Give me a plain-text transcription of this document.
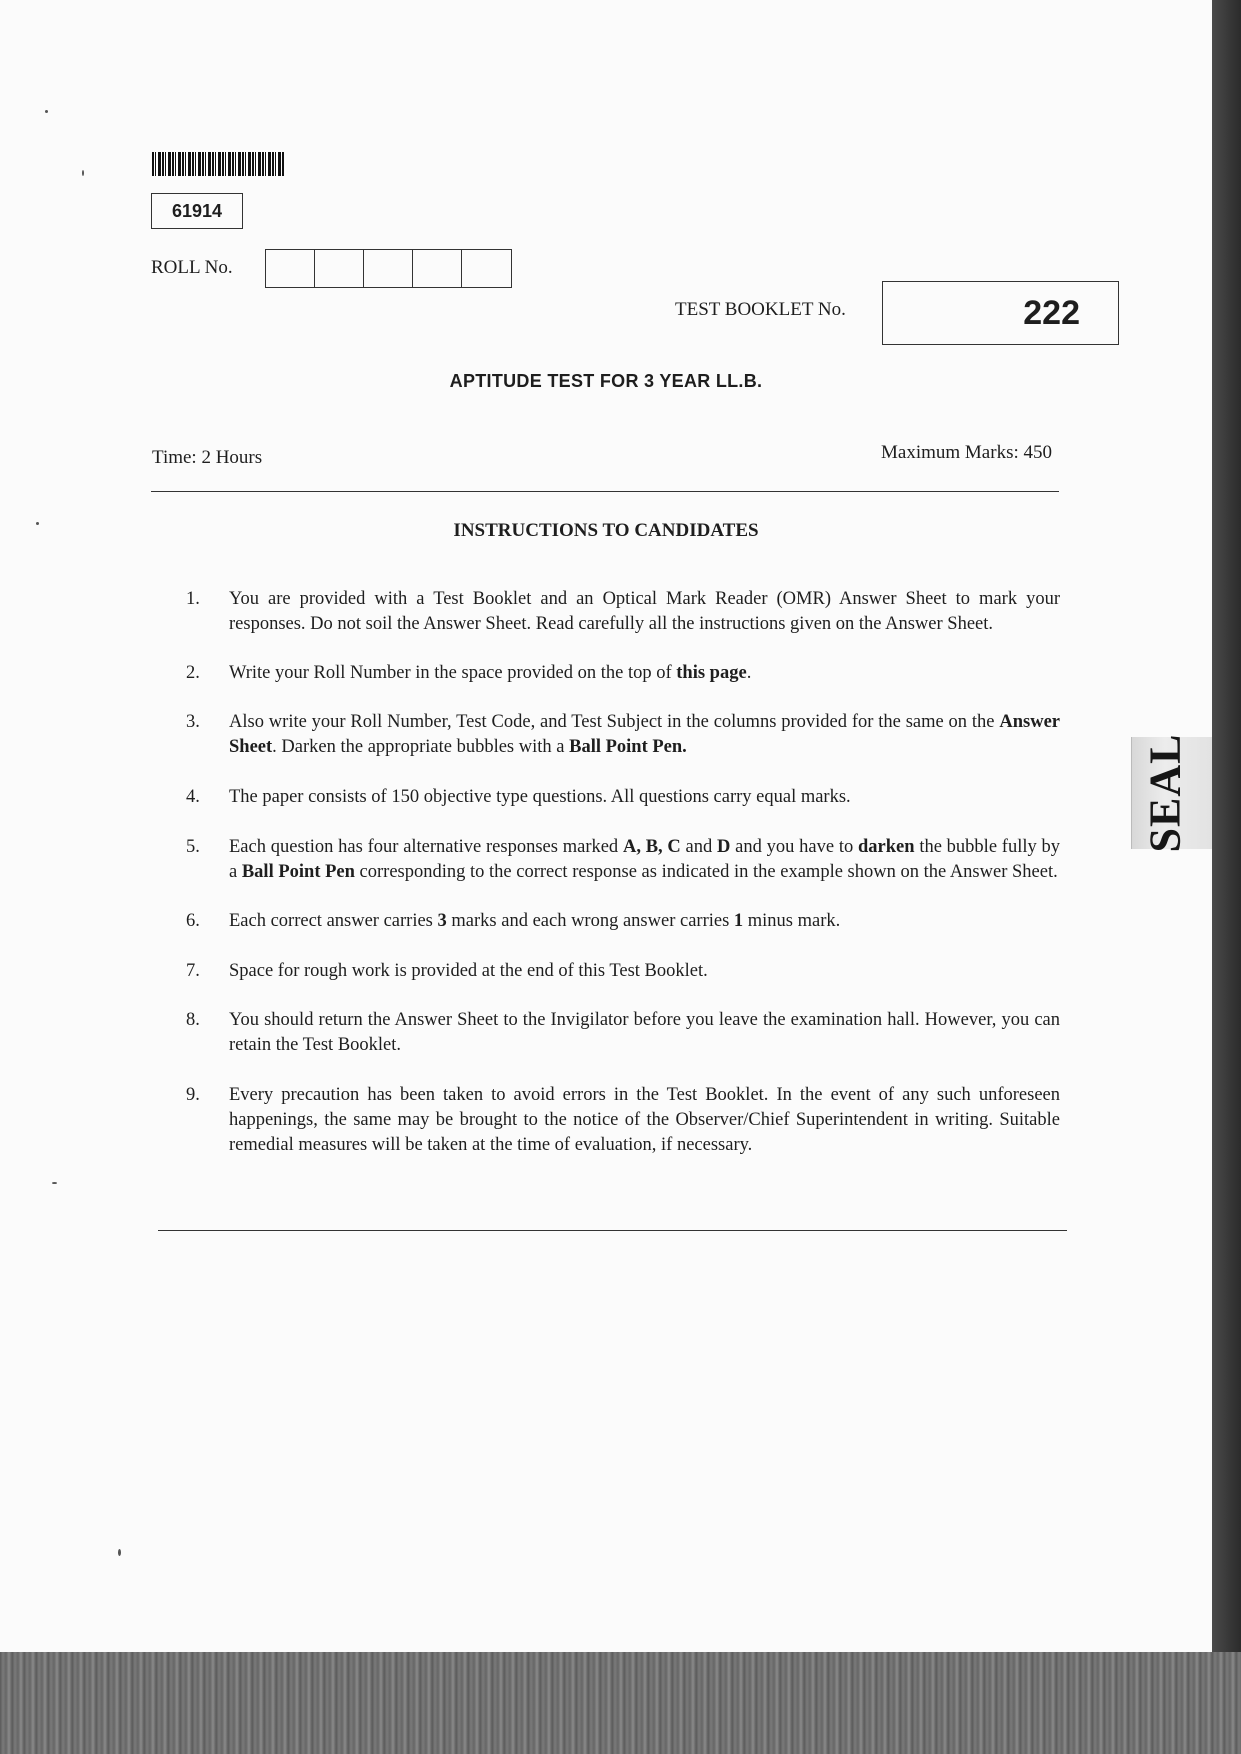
61914
ROLL No.
TEST BOOKLET No.	222
APTITUDE TEST FOR 3 YEAR LL.B.
Time: 2 Hours	Maximum Marks: 450
INSTRUCTIONS TO CANDIDATES
1.	You are provided with a Test Booklet and an Optical Mark Reader (OMR) Answer Sheet to mark your responses. Do not soil the Answer Sheet. Read carefully all the instructions given on the Answer Sheet.
2.	Write your Roll Number in the space provided on the top of this page.
3.	Also write your Roll Number, Test Code, and Test Subject in the columns provided for the same on the Answer Sheet. Darken the appropriate bubbles with a Ball Point Pen.
4.	The paper consists of 150 objective type questions. All questions carry equal marks.
5.	Each question has four alternative responses marked A, B, C and D and you have to darken the bubble fully by a Ball Point Pen corresponding to the correct response as indicated in the example shown on the Answer Sheet.
6.	Each correct answer carries 3 marks and each wrong answer carries 1 minus mark.
7.	Space for rough work is provided at the end of this Test Booklet.
8.	You should return the Answer Sheet to the Invigilator before you leave the examination hall. However, you can retain the Test Booklet.
9.	Every precaution has been taken to avoid errors in the Test Booklet. In the event of any such unforeseen happenings, the same may be brought to the notice of the Observer/Chief Superintendent in writing. Suitable remedial measures will be taken at the time of evaluation, if necessary.
SEAL
